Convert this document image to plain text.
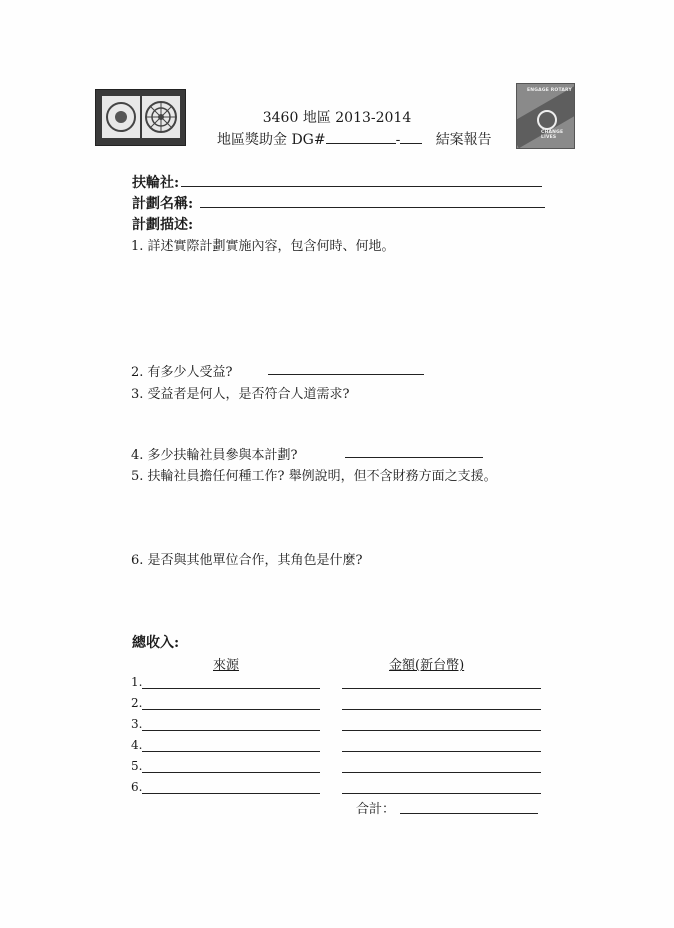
ENGAGE ROTARY
CHANGE LIVES
3460 地區 2013-2014
地區獎助金 DG#	-	結案報告
扶輪社:
計劃名稱:
計劃描述:
1. 詳述實際計劃實施內容，包含何時、何地。
2. 有多少人受益?
3. 受益者是何人，是否符合人道需求?
4. 多少扶輪社員參與本計劃?
5. 扶輪社員擔任何種工作? 舉例說明，但不含財務方面之支援。
6. 是否與其他單位合作，其角色是什麼?
總收入:
來源	金額(新台幣)
1.
2.
3.
4.
5.
6.
合計：
